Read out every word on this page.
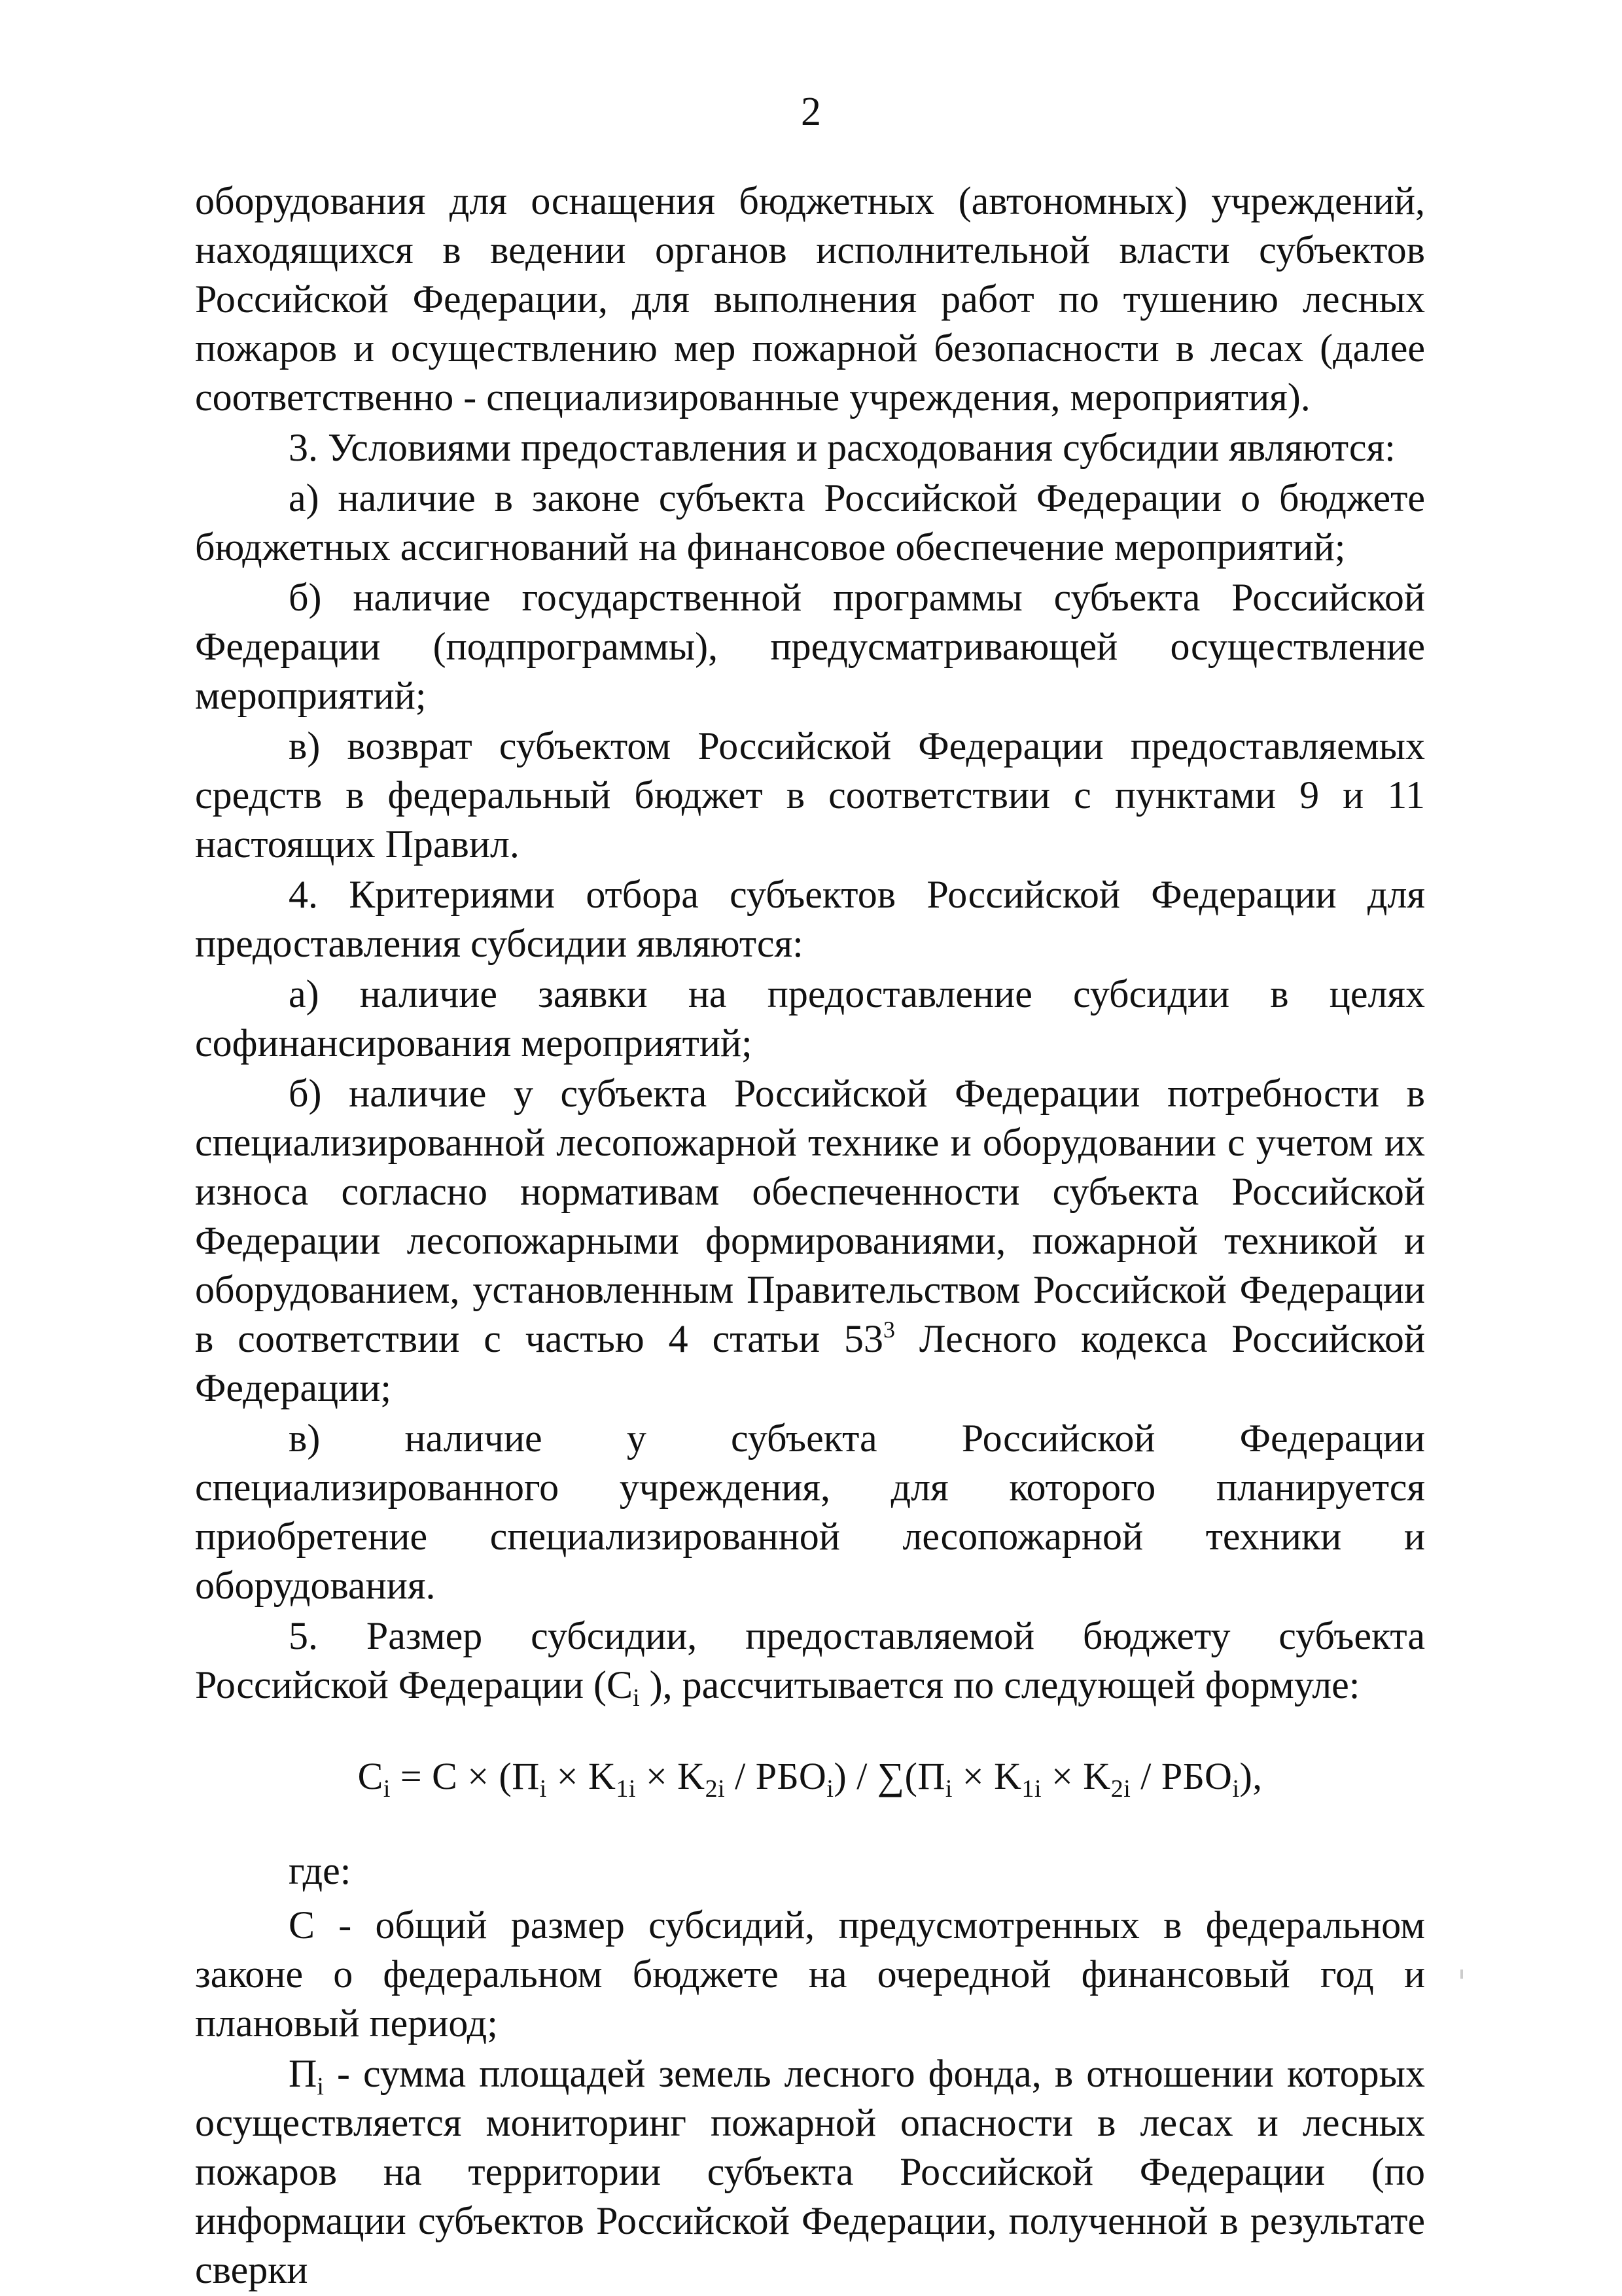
2

оборудования для оснащения бюджетных (автономных) учреждений, находящихся в ведении органов исполнительной власти субъектов Российской Федерации, для выполнения работ по тушению лесных пожаров и осуществлению мер пожарной безопасности в лесах (далее соответственно - специализированные учреждения, мероприятия).

3. Условиями предоставления и расходования субсидии являются:

а) наличие в законе субъекта Российской Федерации о бюджете бюджетных ассигнований на финансовое обеспечение мероприятий;

б) наличие государственной программы субъекта Российской Федерации (подпрограммы), предусматривающей осуществление мероприятий;

в) возврат субъектом Российской Федерации предоставляемых средств в федеральный бюджет в соответствии с пунктами 9 и 11 настоящих Правил.

4. Критериями отбора субъектов Российской Федерации для предоставления субсидии являются:

а) наличие заявки на предоставление субсидии в целях софинансирования мероприятий;

б) наличие у субъекта Российской Федерации потребности в специализированной лесопожарной технике и оборудовании с учетом их износа согласно нормативам обеспеченности субъекта Российской Федерации лесопожарными формированиями, пожарной техникой и оборудованием, установленным Правительством Российской Федерации в соответствии с частью 4 статьи $53^3$ Лесного кодекса Российской Федерации;

в) наличие у субъекта Российской Федерации специализированного учреждения, для которого планируется приобретение специализированной лесопожарной техники и оборудования.

5. Размер субсидии, предоставляемой бюджету субъекта Российской Федерации ($C_i$ ), рассчитывается по следующей формуле:

$C_i = C \times (П_i \times K_{1i} \times K_{2i} / РБО_i) / \sum(П_i \times K_{1i} \times K_{2i} / РБО_i)$,

где:

С - общий размер субсидий, предусмотренных в федеральном законе о федеральном бюджете на очередной финансовый год и плановый период;

$П_i$ - сумма площадей земель лесного фонда, в отношении которых осуществляется мониторинг пожарной опасности в лесах и лесных пожаров на территории субъекта Российской Федерации (по информации субъектов Российской Федерации, полученной в результате сверки
